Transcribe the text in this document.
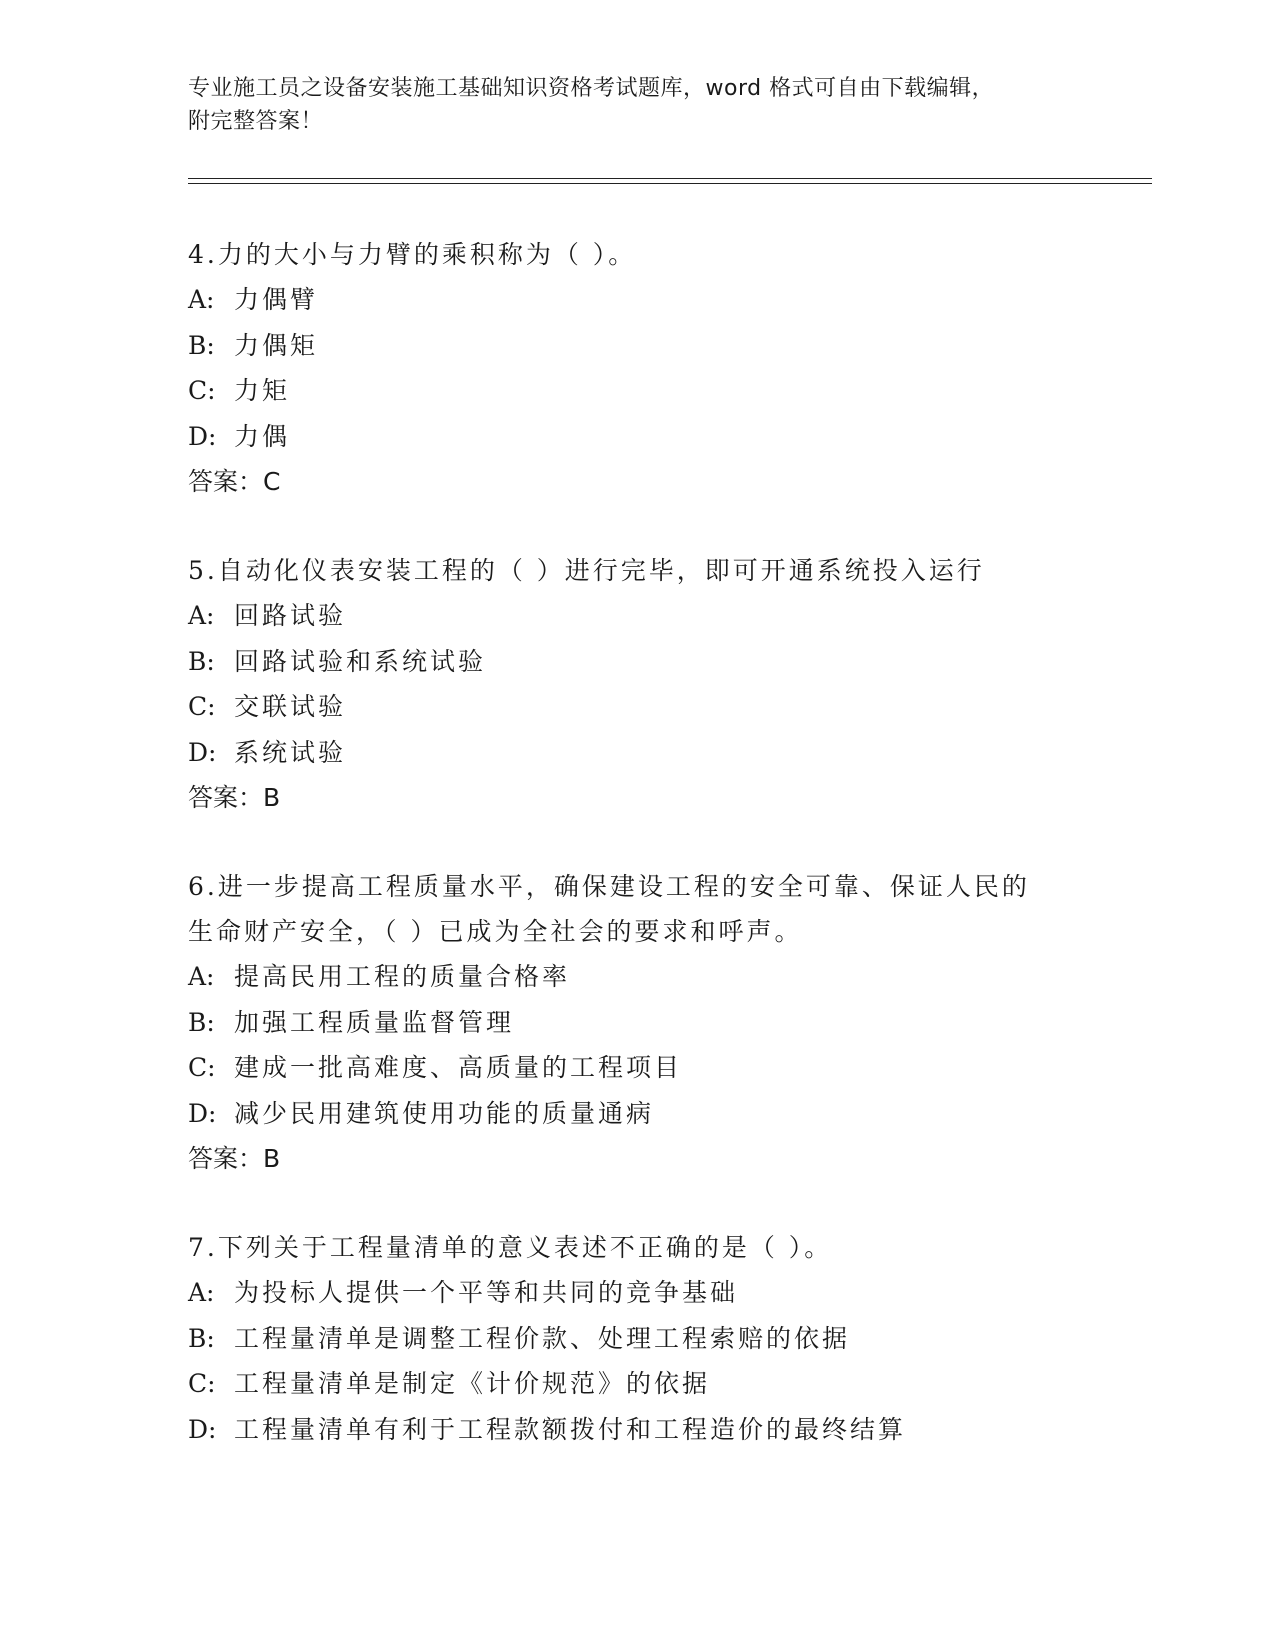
专业施工员之设备安装施工基础知识资格考试题库，word 格式可自由下载编辑，
附完整答案！

4.力的大小与力臂的乘积称为（ ）。

A: 力偶臂

B: 力偶矩

C: 力矩

D: 力偶

答案：C

5.自动化仪表安装工程的（ ）进行完毕，即可开通系统投入运行

A: 回路试验

B: 回路试验和系统试验

C: 交联试验

D: 系统试验

答案：B

6.进一步提高工程质量水平，确保建设工程的安全可靠、保证人民的

生命财产安全，（ ）已成为全社会的要求和呼声。

A: 提高民用工程的质量合格率

B: 加强工程质量监督管理

C: 建成一批高难度、高质量的工程项目

D: 减少民用建筑使用功能的质量通病

答案：B

7.下列关于工程量清单的意义表述不正确的是（ ）。

A: 为投标人提供一个平等和共同的竞争基础

B: 工程量清单是调整工程价款、处理工程索赔的依据

C: 工程量清单是制定《计价规范》的依据

D: 工程量清单有利于工程款额拨付和工程造价的最终结算
